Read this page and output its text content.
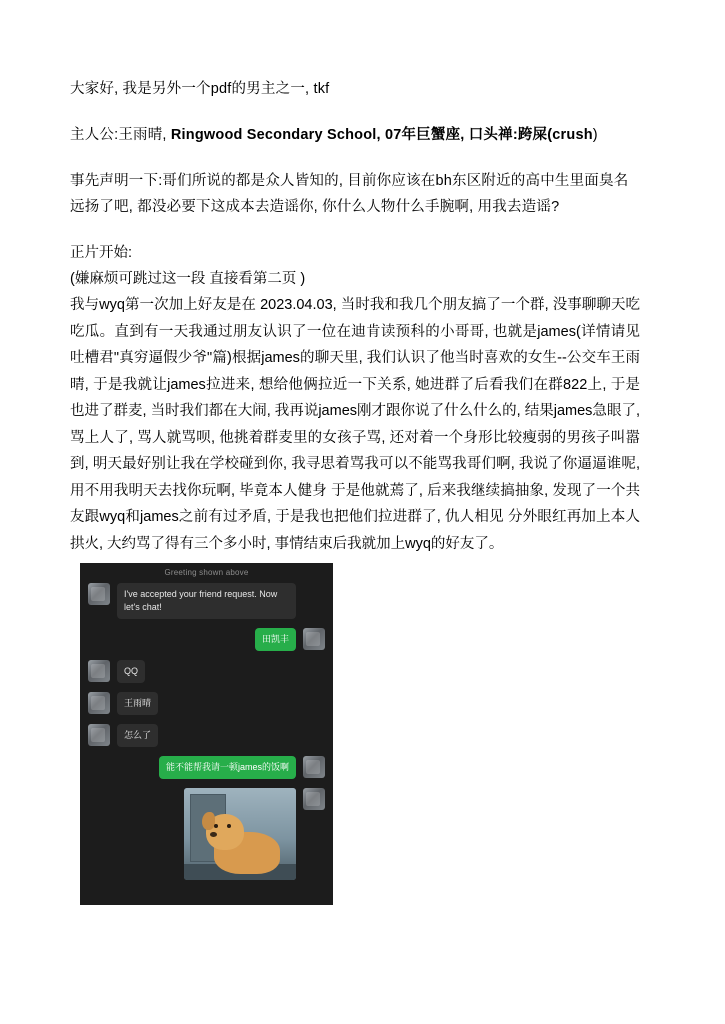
大家好, 我是另外一个pdf的男主之一, tkf

主人公:王雨晴, Ringwood Secondary School, 07年巨蟹座, 口头禅:跨屎(crush)

事先声明一下:哥们所说的都是众人皆知的, 目前你应该在bh东区附近的高中生里面臭名远扬了吧, 都没必要下这成本去造谣你, 你什么人物什么手腕啊, 用我去造谣?

正片开始:

(嫌麻烦可跳过这一段 直接看第二页 )

我与wyq第一次加上好友是在 2023.04.03, 当时我和我几个朋友搞了一个群, 没事聊聊天吃吃瓜。直到有一天我通过朋友认识了一位在迪肯读预科的小哥哥, 也就是james(详情请见吐槽君"真穷逼假少爷"篇)根据james的聊天里, 我们认识了他当时喜欢的女生--公交车王雨晴, 于是我就让james拉进来, 想给他俩拉近一下关系, 她进群了后看我们在群822上, 于是也进了群麦, 当时我们都在大闹, 我再说james刚才跟你说了什么什么的, 结果james急眼了, 骂上人了, 骂人就骂呗, 他挑着群麦里的女孩子骂, 还对着一个身形比较瘦弱的男孩子叫嚣到, 明天最好别让我在学校碰到你, 我寻思着骂我可以不能骂我哥们啊, 我说了你逼逼谁呢, 用不用我明天去找你玩啊, 毕竟本人健身 于是他就蔫了, 后来我继续搞抽象, 发现了一个共友跟wyq和james之前有过矛盾, 于是我也把他们拉进群了, 仇人相见 分外眼红再加上本人拱火, 大约骂了得有三个多小时, 事情结束后我就加上wyq的好友了。

Greeting shown above
I've accepted your friend request. Now let's chat!
田凯丰
QQ
王雨晴
怎么了
能不能帮我请一顿james的饭啊
